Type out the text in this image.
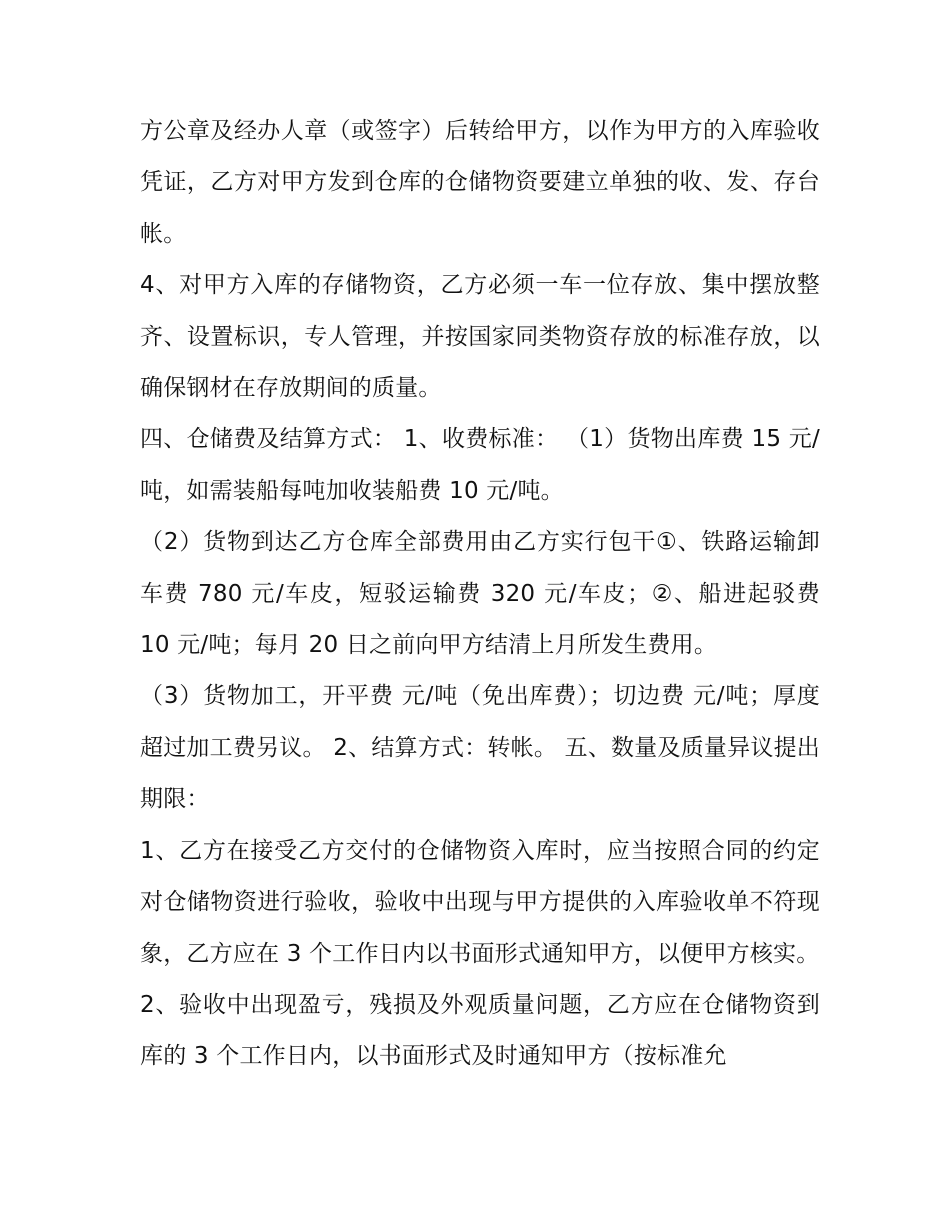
方公章及经办人章（或签字）后转给甲方，以作为甲方的入库验收凭证，乙方对甲方发到仓库的仓储物资要建立单独的收、发、存台帐。

4、对甲方入库的存储物资，乙方必须一车一位存放、集中摆放整齐、设置标识，专人管理，并按国家同类物资存放的标准存放，以确保钢材在存放期间的质量。

四、仓储费及结算方式： 1、收费标准： （1）货物出库费 15 元/吨，如需装船每吨加收装船费 10 元/吨。

（2）货物到达乙方仓库全部费用由乙方实行包干①、铁路运输卸车费 780 元/车皮，短驳运输费 320 元/车皮；②、船进起驳费 10 元/吨；每月 20 日之前向甲方结清上月所发生费用。

（3）货物加工，开平费 元/吨（免出库费）；切边费 元/吨；厚度超过加工费另议。 2、结算方式：转帐。 五、数量及质量异议提出期限：

1、乙方在接受乙方交付的仓储物资入库时，应当按照合同的约定对仓储物资进行验收，验收中出现与甲方提供的入库验收单不符现象，乙方应在 3 个工作日内以书面形式通知甲方，以便甲方核实。

2、验收中出现盈亏，残损及外观质量问题，乙方应在仓储物资到库的 3 个工作日内，以书面形式及时通知甲方（按标准允
